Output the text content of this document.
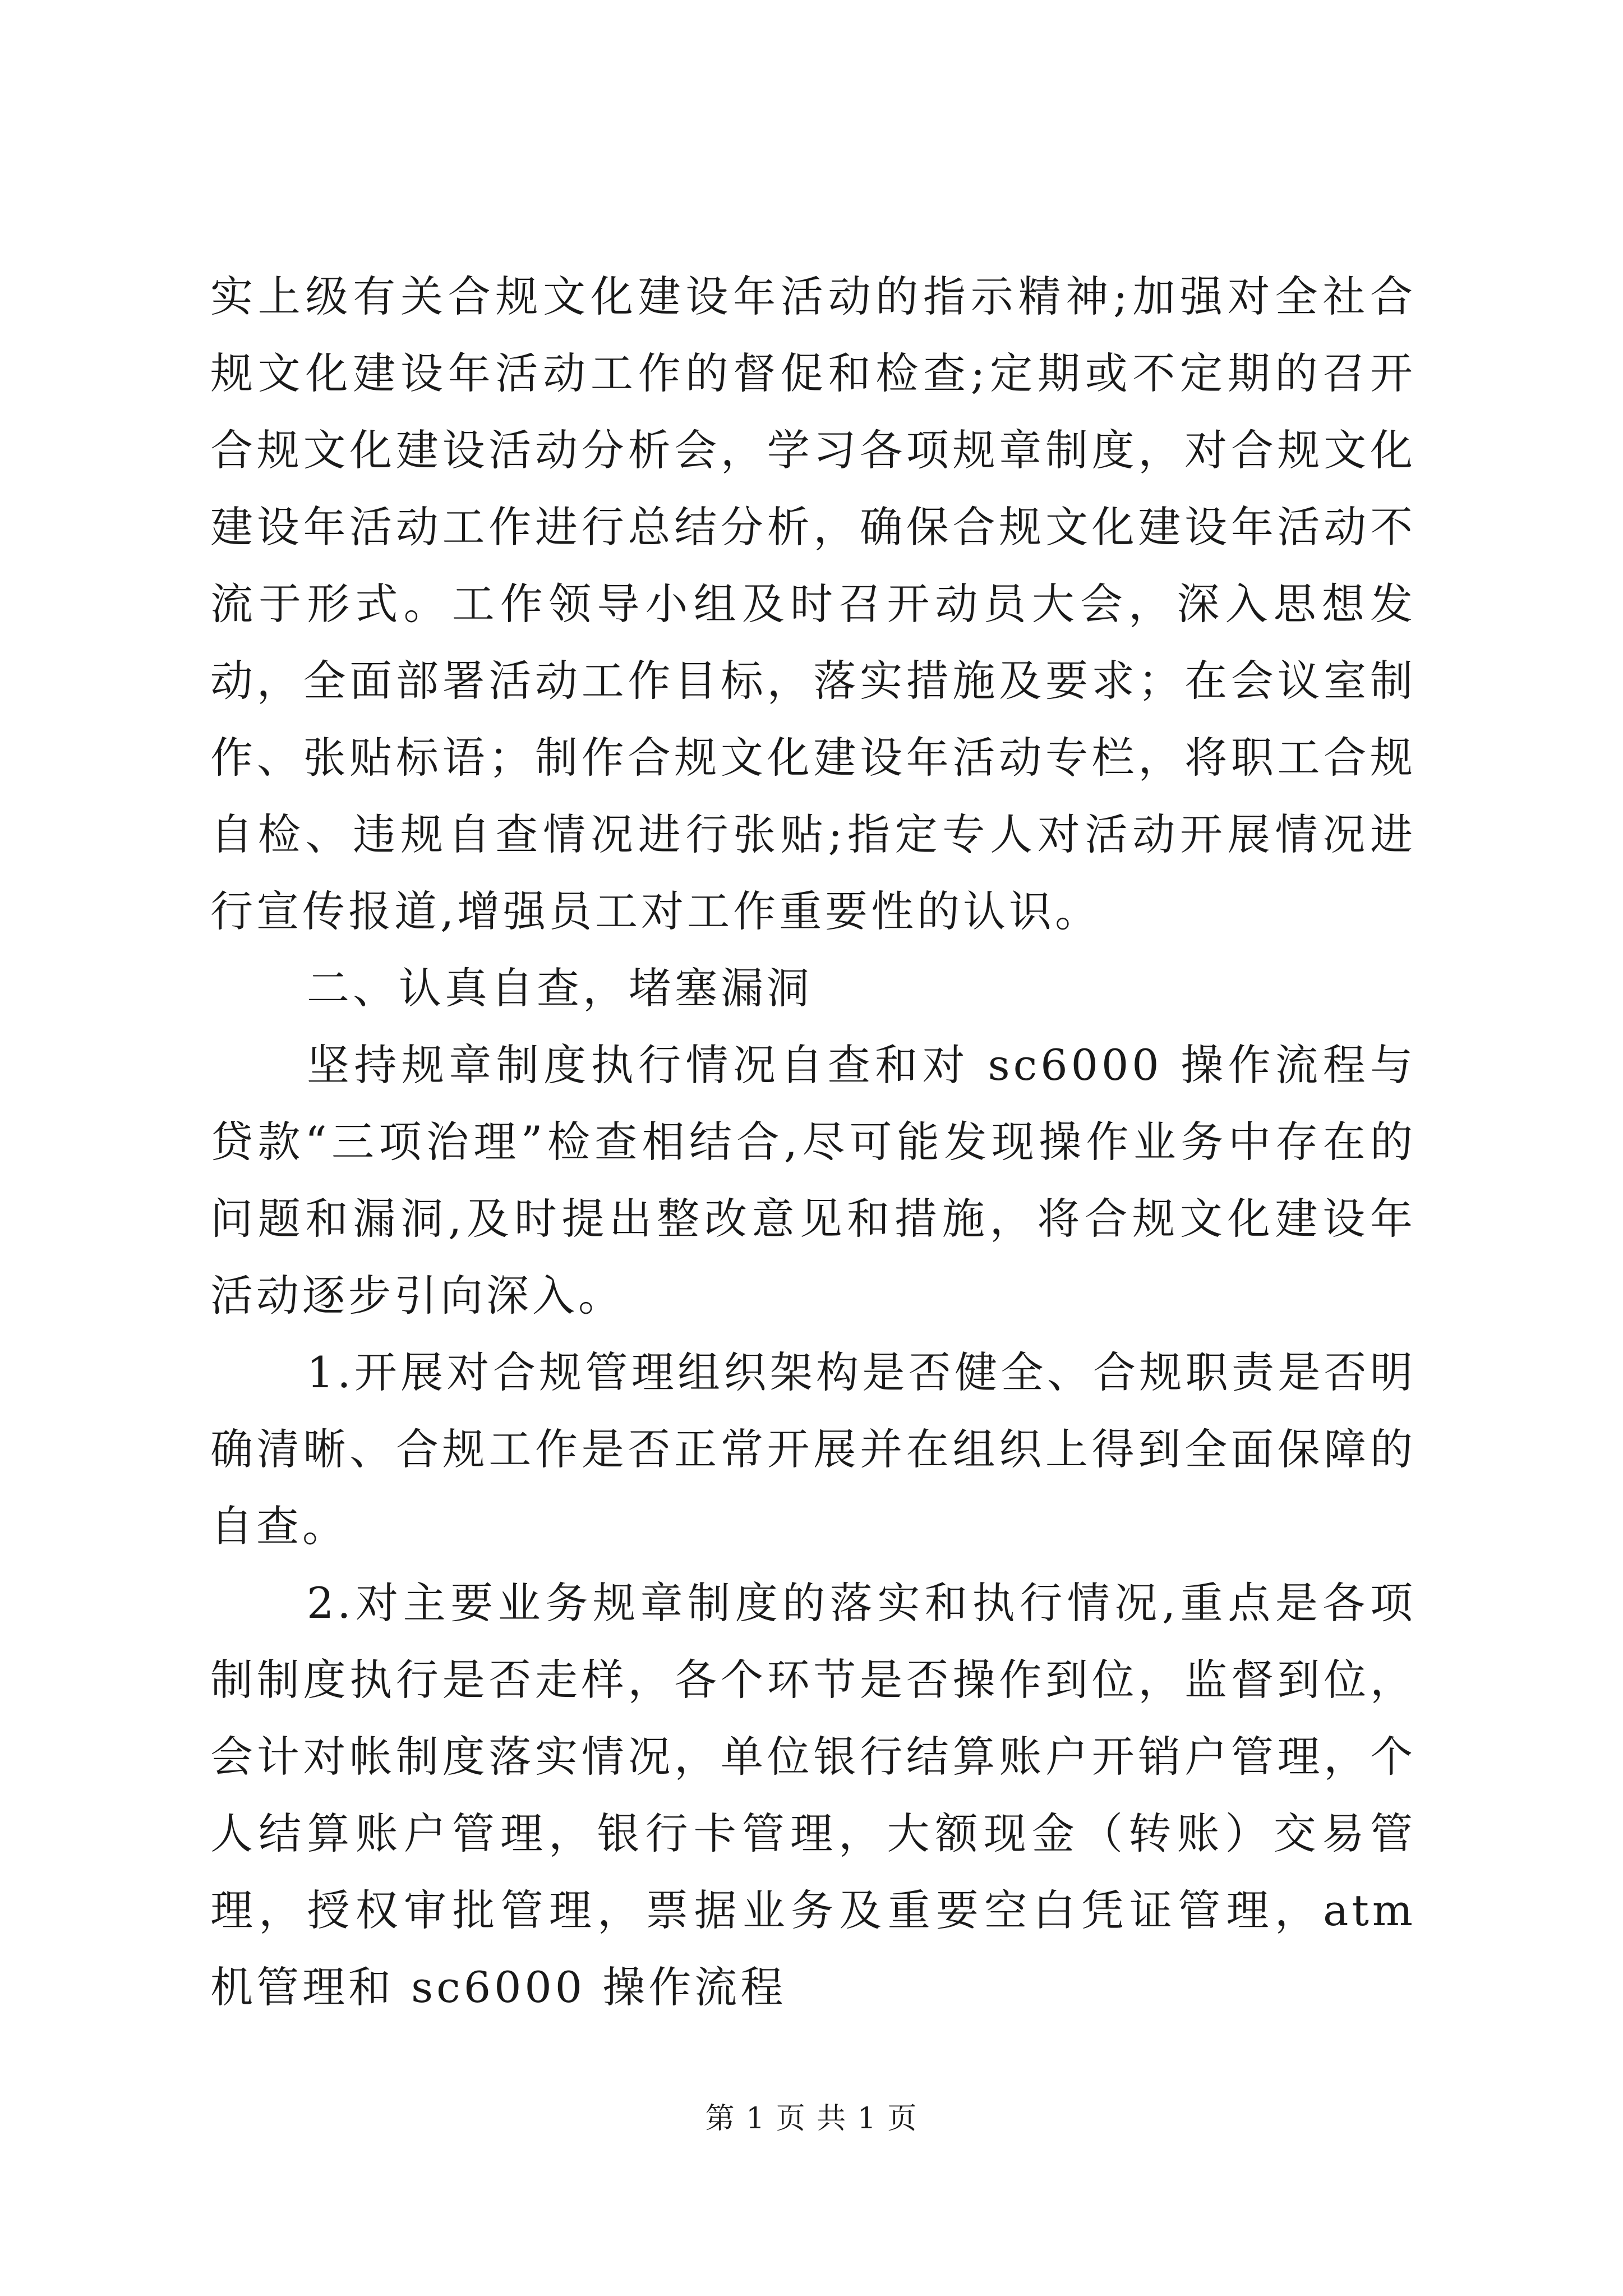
实上级有关合规文化建设年活动的指示精神;加强对全社合规文化建设年活动工作的督促和检查;定期或不定期的召开合规文化建设活动分析会，学习各项规章制度，对合规文化建设年活动工作进行总结分析，确保合规文化建设年活动不流于形式。工作领导小组及时召开动员大会，深入思想发动，全面部署活动工作目标，落实措施及要求；在会议室制作、张贴标语；制作合规文化建设年活动专栏，将职工合规自检、违规自查情况进行张贴;指定专人对活动开展情况进行宣传报道,增强员工对工作重要性的认识。

二、认真自查，堵塞漏洞

坚持规章制度执行情况自查和对 sc6000 操作流程与贷款“三项治理”检查相结合,尽可能发现操作业务中存在的问题和漏洞,及时提出整改意见和措施，将合规文化建设年活动逐步引向深入。

1.开展对合规管理组织架构是否健全、合规职责是否明确清晰、合规工作是否正常开展并在组织上得到全面保障的自查。

2.对主要业务规章制度的落实和执行情况,重点是各项制制度执行是否走样，各个环节是否操作到位，监督到位，会计对帐制度落实情况，单位银行结算账户开销户管理，个人结算账户管理，银行卡管理，大额现金（转账）交易管理，授权审批管理，票据业务及重要空白凭证管理，atm 机管理和 sc6000 操作流程

第 1 页 共 1 页
